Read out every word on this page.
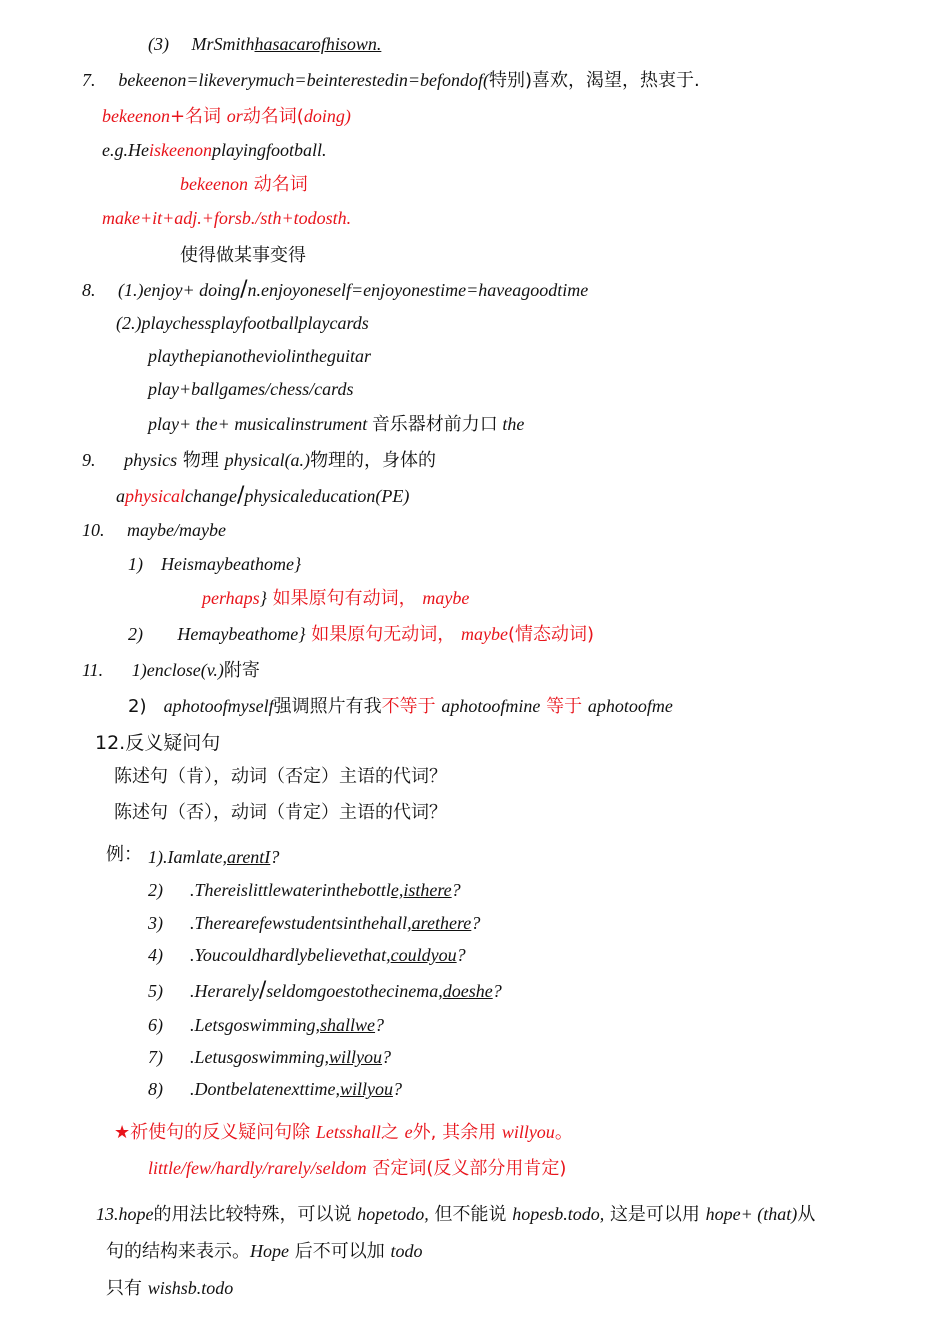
(3) MrSmithhasacarofhisown.
7. bekeenon=likeverymuch=beinterestedin=befondof(特别)喜欢，渴望，热衷于.
bekeenon+名词 or动名词(doing)
e.g.Heiskeenonplayingfootball.
bekeenon 动名词
make+it+adj.+forsb./sth+todosth.
使得做某事变得
8. (1.)enjoy+ doing/n.enjoyoneself=enjoyonestime=haveagoodtime
(2.)playchessplayfootballplaycards
playthepianotheviolintheguitar
play+ballgames/chess/cards
play+ the+ musicalinstrument 音乐器材前力口 the
9. physics 物理 physical(a.)物理的，身体的
aphysicalchange/physicaleducation(PE)
10. maybe/maybe
1) Heismaybeathome}
perhaps} 如果原句有动词， maybe
2) Hemaybeathome} 如果原句无动词， maybe(情态动词)
11. 1)enclose(v.)附寄
2) aphotoofmyself强调照片有我不等于 aphotoofmine 等于 aphotoofme
12.反义疑问句
陈述句（肯），动词（否定）主语的代词？
陈述句（否），动词（肯定）主语的代词？
例： 1).Iamlate,arentI?
2) .Thereislittlewaterinthebottle,isthere?
3) .Therearefewstudentsinthehall,arethere?
4) .Youcouldhardlybelievethat,couldyou?
5) .Herarely/seldomgoestothecinema,doeshe?
6) .Letsgoswimming,shallwe?
7) .Letusgoswimming,willyou?
8) .Dontbelatenexttime,willyou?
★祈使句的反义疑问句除 Letsshall之 e外, 其余用 willyou。
little/few/hardly/rarely/seldom 否定词(反义部分用肯定)
13.hope的用法比较特殊，可以说 hopetodo, 但不能说 hopesb.todo, 这是可以用 hope+ (that)从
句的结构来表示。Hope 后不可以加 todo
只有 wishsb.todo
